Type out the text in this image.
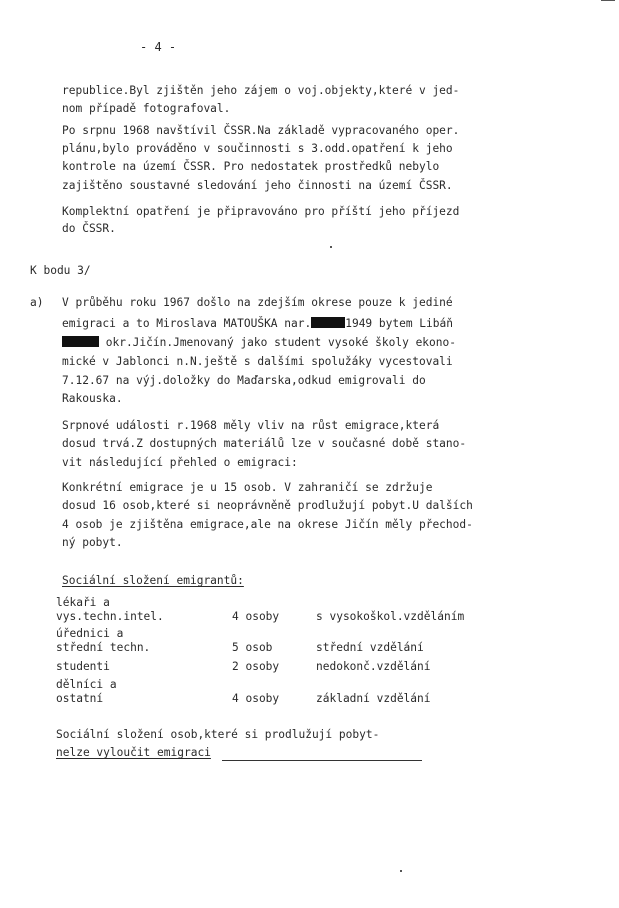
- 4 -
republice.Byl zjištěn jeho zájem o voj.objekty,které v jed-
nom případě fotografoval.
Po srpnu 1968 navštívil ČSSR.Na základě vypracovaného oper.
plánu,bylo prováděno v součinnosti s 3.odd.opatření k jeho
kontrole na území ČSSR. Pro nedostatek prostředků nebylo
zajištěno soustavné sledování jeho činnosti na území ČSSR.
Komplektní opatření je připravováno pro příští jeho příjezd
do ČSSR.
K bodu 3/
a) V průběhu roku 1967 došlo na zdejším okrese pouze k jediné
emigraci a to Miroslava MATOUŠKA nar.	1949 bytem Libáň
okr.Jičín.Jmenovaný jako student vysoké školy ekono-
mické v Jablonci n.N.ještě s dalšími spolužáky vycestovali
7.12.67 na výj.doložky do Maďarska,odkud emigrovali do
Rakouska.
Srpnové události r.1968 měly vliv na růst emigrace,která
dosud trvá.Z dostupných materiálů lze v současné době stano-
vit následující přehled o emigraci:
Konkrétní emigrace je u 15 osob. V zahraničí se zdržuje
dosud 16 osob,které si neoprávněně prodlužují pobyt.U dalších
4 osob je zjištěna emigrace,ale na okrese Jičín měly přechod-
ný pobyt.
Sociální složení emigrantů:
lékaři a
vys.techn.intel.	4 osoby	s vysokoškol.vzděláním
úřednici a
střední techn.	5 osob	střední vzdělání
studenti	2 osoby	nedokonč.vzdělání
dělníci a
ostatní	4 osoby	základní vzdělání
Sociální složení osob,které si prodlužují pobyt-
nelze vyloučit emigraci
